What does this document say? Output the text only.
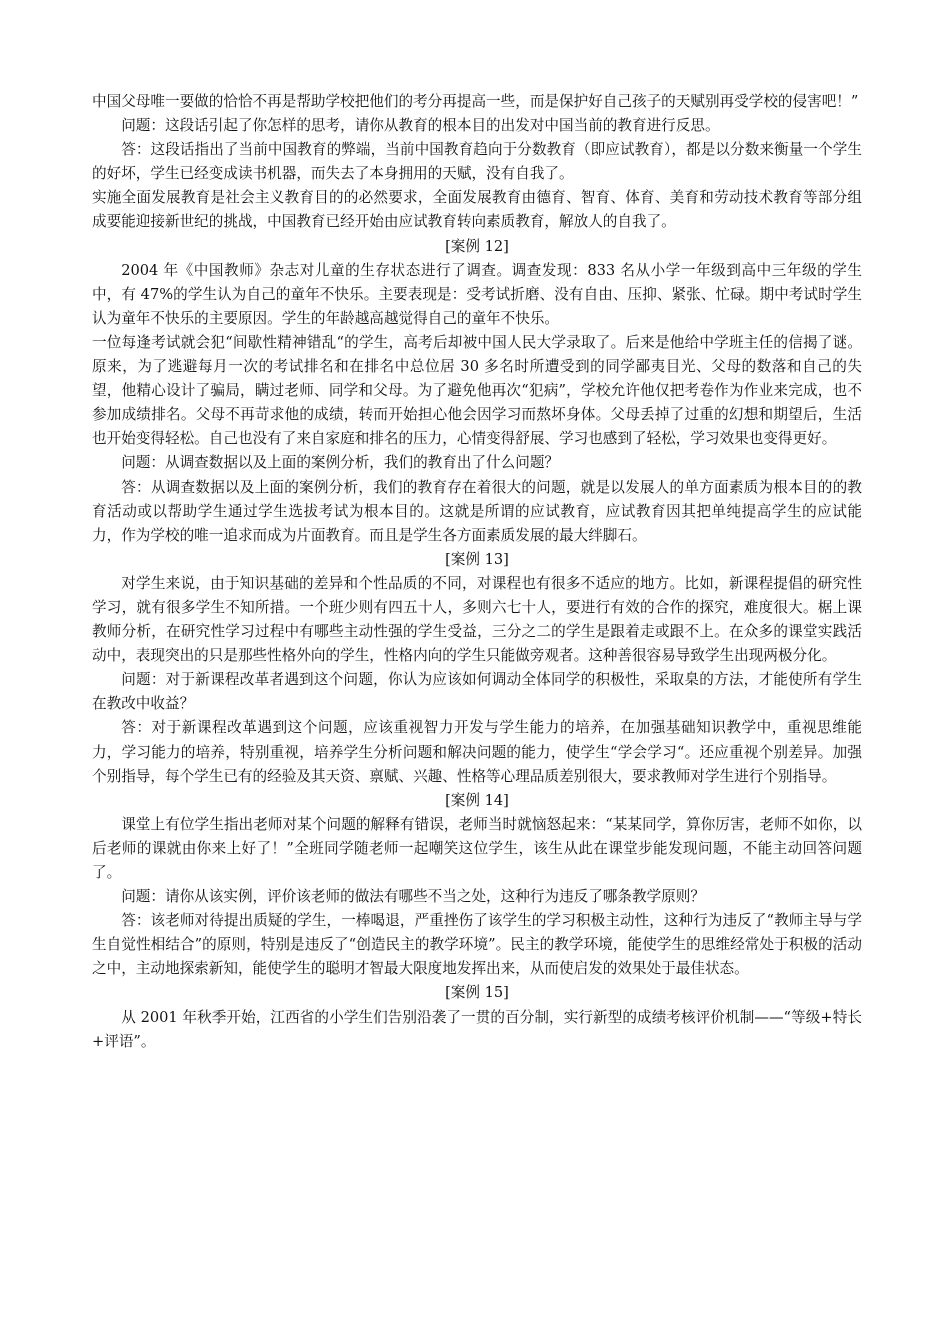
中国父母唯一要做的恰恰不再是帮助学校把他们的考分再提高一些，而是保护好自己孩子的天赋别再受学校的侵害吧！”

问题：这段话引起了你怎样的思考，请你从教育的根本目的出发对中国当前的教育进行反思。

答：这段话指出了当前中国教育的弊端，当前中国教育趋向于分数教育（即应试教育），都是以分数来衡量一个学生的好坏，学生已经变成读书机器，而失去了本身拥用的天赋，没有自我了。

实施全面发展教育是社会主义教育目的的必然要求，全面发展教育由德育、智育、体育、美育和劳动技术教育等部分组成要能迎接新世纪的挑战，中国教育已经开始由应试教育转向素质教育，解放人的自我了。

[案例 12]

2004 年《中国教师》杂志对儿童的生存状态进行了调查。调查发现：833 名从小学一年级到高中三年级的学生中，有 47%的学生认为自己的童年不快乐。主要表现是：受考试折磨、没有自由、压抑、紧张、忙碌。期中考试时学生认为童年不快乐的主要原因。学生的年龄越高越觉得自己的童年不快乐。

一位每逢考试就会犯“间歇性精神错乱“的学生，高考后却被中国人民大学录取了。后来是他给中学班主任的信揭了谜。原来，为了逃避每月一次的考试排名和在排名中总位居 30 多名时所遭受到的同学鄙夷目光、父母的数落和自己的失望，他精心设计了骗局，瞒过老师、同学和父母。为了避免他再次“犯病”，学校允许他仅把考卷作为作业来完成，也不参加成绩排名。父母不再苛求他的成绩，转而开始担心他会因学习而熬坏身体。父母丢掉了过重的幻想和期望后，生活也开始变得轻松。自己也没有了来自家庭和排名的压力，心情变得舒展、学习也感到了轻松，学习效果也变得更好。

问题：从调查数据以及上面的案例分析，我们的教育出了什么问题？

答：从调查数据以及上面的案例分析，我们的教育存在着很大的问题，就是以发展人的单方面素质为根本目的的教育活动或以帮助学生通过学生选拔考试为根本目的。这就是所谓的应试教育，应试教育因其把单纯提高学生的应试能力，作为学校的唯一追求而成为片面教育。而且是学生各方面素质发展的最大绊脚石。

[案例 13]

对学生来说，由于知识基础的差异和个性品质的不同，对课程也有很多不适应的地方。比如，新课程提倡的研究性学习，就有很多学生不知所措。一个班少则有四五十人，多则六七十人，要进行有效的合作的探究，难度很大。椐上课教师分析，在研究性学习过程中有哪些主动性强的学生受益，三分之二的学生是跟着走或跟不上。在众多的课堂实践活动中，表现突出的只是那些性格外向的学生，性格内向的学生只能做旁观者。这种善很容易导致学生出现两极分化。

问题：对于新课程改革者遇到这个问题，你认为应该如何调动全体同学的积极性，采取臬的方法，才能使所有学生在教改中收益？

答：对于新课程改革遇到这个问题，应该重视智力开发与学生能力的培养，在加强基础知识教学中，重视思维能力，学习能力的培养，特别重视，培养学生分析问题和解决问题的能力，使学生“学会学习“。还应重视个别差异。加强个别指导，每个学生已有的经验及其天资、禀赋、兴趣、性格等心理品质差别很大，要求教师对学生进行个别指导。

[案例 14]

课堂上有位学生指出老师对某个问题的解释有错误，老师当时就恼怒起来：“某某同学，算你厉害，老师不如你，以后老师的课就由你来上好了！”全班同学随老师一起嘲笑这位学生，该生从此在课堂步能发现问题，不能主动回答问题了。

问题：请你从该实例，评价该老师的做法有哪些不当之处，这种行为违反了哪条教学原则？

答：该老师对待提出质疑的学生，一棒喝退，严重挫伤了该学生的学习积极主动性，这种行为违反了“教师主导与学生自觉性相结合”的原则，特别是违反了“创造民主的教学环境”。民主的教学环境，能使学生的思维经常处于积极的活动之中，主动地探索新知，能使学生的聪明才智最大限度地发挥出来，从而使启发的效果处于最佳状态。

[案例 15]

从 2001 年秋季开始，江西省的小学生们告别沿袭了一贯的百分制，实行新型的成绩考核评价机制——“等级+特长+评语”。
